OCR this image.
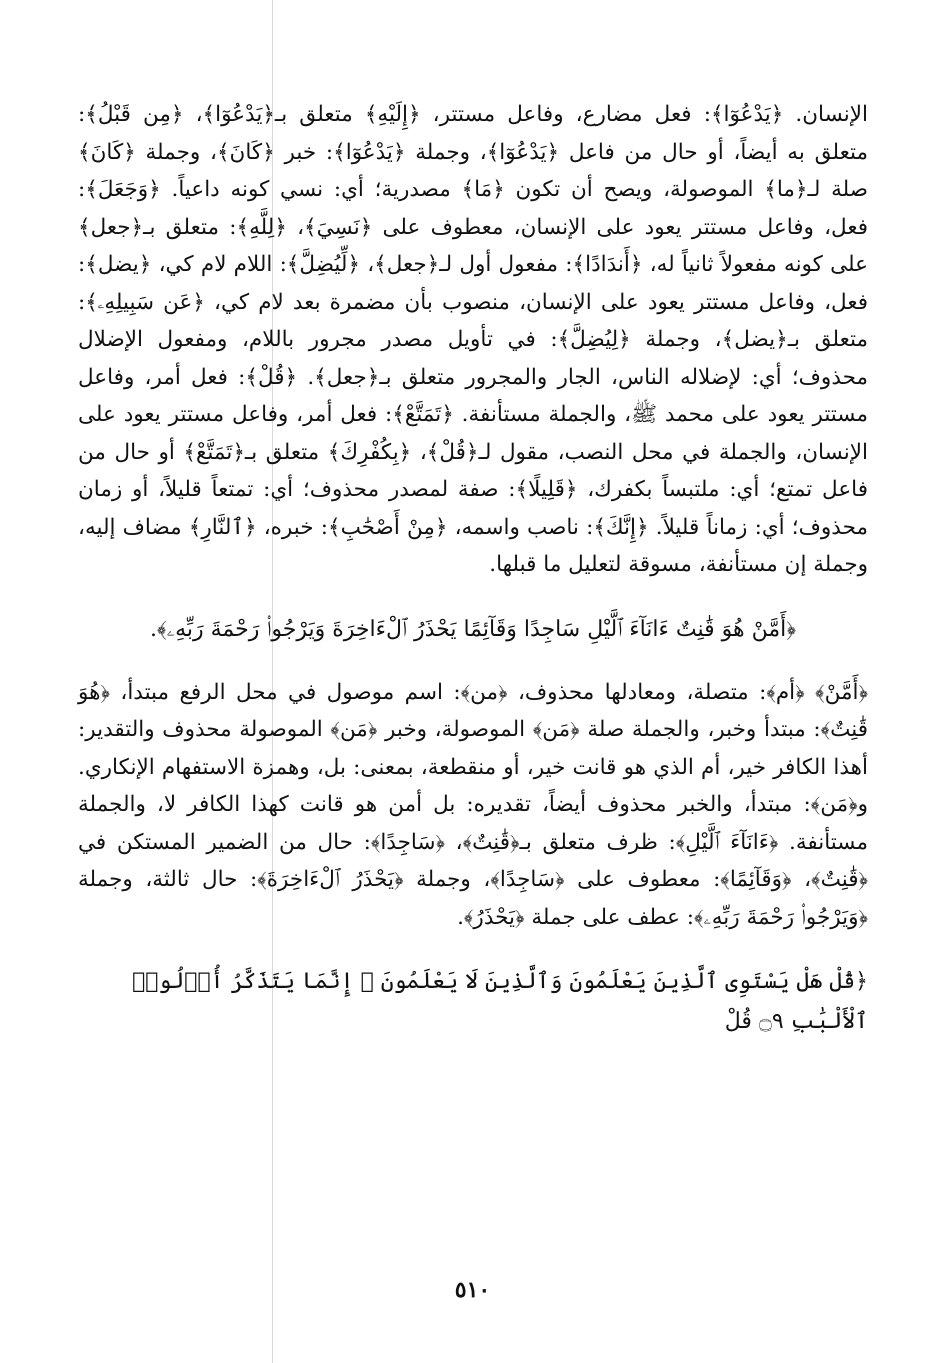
الإنسان. ﴿يَدْعُوٓا﴾: فعل مضارع، وفاعل مستتر، ﴿إِلَيْهِ﴾ متعلق بـ﴿يَدْعُوٓا﴾، ﴿مِن قَبْلُ﴾: متعلق به أيضاً، أو حال من فاعل ﴿يَدْعُوٓا﴾، وجملة ﴿يَدْعُوٓا﴾: خبر ﴿كَانَ﴾، وجملة ﴿كَانَ﴾ صلة لـ﴿ما﴾ الموصولة، ويصح أن تكون ﴿مَا﴾ مصدرية؛ أي: نسي كونه داعياً. ﴿وَجَعَلَ﴾: فعل، وفاعل مستتر يعود على الإنسان، معطوف على ﴿نَسِيَ﴾، ﴿لِلَّهِ﴾: متعلق بـ﴿جعل﴾ على كونه مفعولاً ثانياً له، ﴿أَندَادًا﴾: مفعول أول لـ﴿جعل﴾، ﴿لِّيُضِلَّ﴾: اللام لام كي، ﴿يضل﴾: فعل، وفاعل مستتر يعود على الإنسان، منصوب بأن مضمرة بعد لام كي، ﴿عَن سَبِيلِهِۦ﴾: متعلق بـ﴿يضل﴾، وجملة ﴿لِيُضِلَّ﴾: في تأويل مصدر مجرور باللام، ومفعول الإضلال محذوف؛ أي: لإضلاله الناس، الجار والمجرور متعلق بـ﴿جعل﴾. ﴿قُلْ﴾: فعل أمر، وفاعل مستتر يعود على محمد ﷺ، والجملة مستأنفة. ﴿تَمَتَّعْ﴾: فعل أمر، وفاعل مستتر يعود على الإنسان، والجملة في محل النصب، مقول لـ﴿قُلْ﴾، ﴿بِكُفْرِكَ﴾ متعلق بـ﴿تَمَتَّعْ﴾ أو حال من فاعل تمتع؛ أي: ملتبساً بكفرك، ﴿قَلِيلًا﴾: صفة لمصدر محذوف؛ أي: تمتعاً قليلاً، أو زمان محذوف؛ أي: زماناً قليلاً. ﴿إِنَّكَ﴾: ناصب واسمه، ﴿مِنْ أَصْحَٰبِ﴾: خبره، ﴿ٱلنَّارِ﴾ مضاف إليه، وجملة إن مستأنفة، مسوقة لتعليل ما قبلها.

﴿أَمَّنْ هُوَ قَٰنِتٌ ءَانَآءَ ٱلَّيْلِ سَاجِدًا وَقَآئِمًا يَحْذَرُ ٱلْءَاخِرَةَ وَيَرْجُوا۟ رَحْمَةَ رَبِّهِۦ﴾.

﴿أَمَّنْ﴾ ﴿أم﴾: متصلة، ومعادلها محذوف، ﴿من﴾: اسم موصول في محل الرفع مبتدأ، ﴿هُوَ قَٰنِتٌ﴾: مبتدأ وخبر، والجملة صلة ﴿مَن﴾ الموصولة، وخبر ﴿مَن﴾ الموصولة محذوف والتقدير: أهذا الكافر خير، أم الذي هو قانت خير، أو منقطعة، بمعنى: بل، وهمزة الاستفهام الإنكاري. و﴿مَن﴾: مبتدأ، والخبر محذوف أيضاً، تقديره: بل أمن هو قانت كهذا الكافر لا، والجملة مستأنفة. ﴿ءَانَآءَ ٱلَّيْلِ﴾: ظرف متعلق بـ﴿قَٰنِتٌ﴾، ﴿سَاجِدًا﴾: حال من الضمير المستكن في ﴿قَٰنِتٌ﴾، ﴿وَقَآئِمًا﴾: معطوف على ﴿سَاجِدًا﴾، وجملة ﴿يَحْذَرُ ٱلْءَاخِرَةَ﴾: حال ثالثة، وجملة ﴿وَيَرْجُوا۟ رَحْمَةَ رَبِّهِۦ﴾: عطف على جملة ﴿يَحْذَرُ﴾.

﴿قُلْ هَلْ يَسْتَوِى ٱلَّذِينَ يَعْلَمُونَ وَٱلَّذِينَ لَا يَعْلَمُونَ ۗ إِنَّمَا يَتَذَكَّرُ أُو۟لُوا۟ ٱلْأَلْبَٰبِ ۝٩ قُلْ

٥١٠
